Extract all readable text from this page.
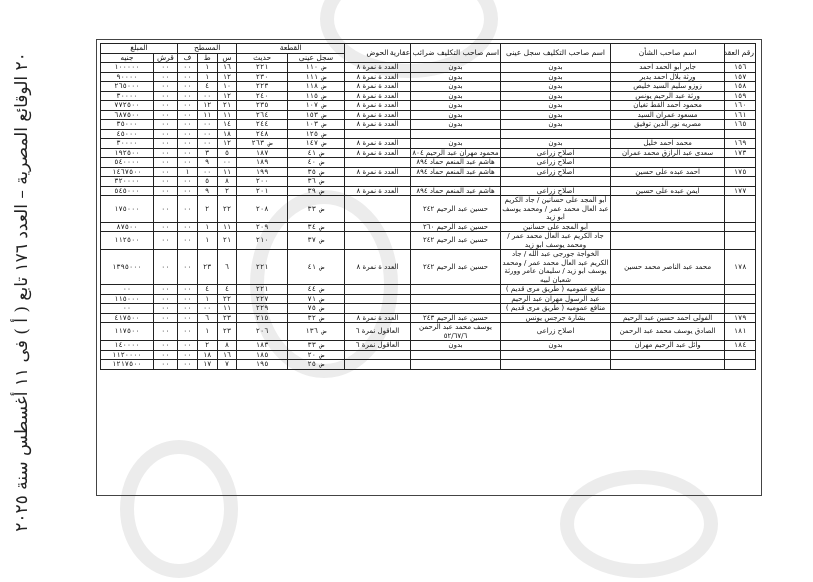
٢٠ الوقائع المصرية – العدد ١٧٦ تابع ( أ ) فى ١١ أغسطس سنة ٢٠٢٥	رقم العقد	اسم صاحب الشأن	اسم صاحب التكليف سجل عينى	اسم صاحب التكليف ضرائب عقارية	الحوض	القطعة		المسطح			المبلغ	
					سجل عينى	حديث	س	ط	ف	قرش	جنيه
١٥٦	جابر أبو الحمد احمد	بدون	بدون	العدد ة نمرة ٨	ض ١١٠	٢٢١	١٦	١	٠٠	٠٠	١٠٠٠٠٠
١٥٧	ورثة بلال احمد يدير	بدون	بدون	العدد ة نمرة ٨	ض ١١١	٢٣٠	١٢	١	٠٠	٠٠	٩٠٠٠٠
١٥٨	زوزو سليم السيد خليص	بدون	بدون	العدد ة نمرة ٨	ض ١١٨	٢٢٣	١٠	٤	٠٠	٠٠	٢٦٥٠٠٠
١٥٩	ورثة عبد الرحيم يونس	بدون	بدون	العدد ة نمرة ٨	ض ١١٥	٢٤٠	١٢	٠٠	٠٠	٠٠	٣٠٠٠٠
١٦٠	محمود احمد القط تغيان	بدون	بدون	العدد ة نمرة ٨	ض ١٠٧	٢٣٥	٢١	١٢	٠٠	٠٠	٧٧٢٥٠٠
١٦١	مسعود عمران السيد	بدون	بدون	العدد ة نمرة ٨	ض ١٥٣	٢٦٤	١١	١١	٠٠	٠٠	٦٨٧٥٠٠
١٦٥	مصريه نور الدين توفيق	بدون	بدون	العدد ة نمرة ٨	ض ١٠٣	٢٤٤	١٤	٠٠	٠٠	٠٠	٣٥٠٠٠
					ض ١٢٥	٢٤٨	١٨	٠٠	٠٠	٠٠	٤٥٠٠٠
١٦٩	محمد احمد خليل	بدون	بدون	العدد ة نمرة ٨	ض ١٤٧	ض ٢٦٣	١٢	٠٠	٠٠	٠٠	٣٠٠٠٠
١٧٣	سعدى عبد الرازق محمد عمران	اصلاح زراعى	محمود مهران عبد الرحيم ٨٠٤	العدد ة نمرة ٨	ض ٤١	١٨٧	٥	٣	٠٠	٠٠	١٩٢٥٠٠
		اصلاح زراعى	هاشم عبد المنعم حماد ٨٩٤		ض ٤٠	١٨٩	٠٠	٩	٠٠	٠٠	٥٤٠٠٠٠
١٧٥	احمد عبده على حسين	اصلاح زراعى	هاشم عبد المنعم حماد ٨٩٤	العدد ة نمرة ٨	ض ٣٥	١٩٩	١١	٠٠	١	٠٠	١٤٦٧٥٠٠
					ض ٣٦	٢٠٠	٨	٥	٠٠	٠٠	٣٢٠٠٠٠
١٧٧	ايمن عبده على حسين	اصلاح زراعى	هاشم عبد المنعم حماد ٨٩٤	العدد ة نمرة ٨	ض ٣٩	٢٠١	٢	٩	٠٠	٠٠	٥٤٥٠٠٠
		أبو المجد على حسانين / جاد الكريم عبد العال محمد عمر / ومحمد يوسف ابو زيد	حسين عبد الرحيم ٢٤٢		ض ٣٣	٢٠٨	٢٢	٢	٠٠	٠٠	١٧٥٠٠٠
		أبو المجد على حسانين	حسين عبد الرحيم ٢٦٠		ض ٣٤	٢٠٩	١١	١	٠٠	٠٠	٨٧٥٠٠
		جاد الكريم عبد العال محمد عمر / ومحمد يوسف ابو زيد	حسين عبد الرحيم ٢٤٢		ض ٣٧	٢١٠	٢١	١	٠٠	٠٠	١١٢٥٠٠
١٧٨	محمد عبد الناصر محمد حسين	الخواجة جورجى عبد الله / جاد الكريم عبد العال محمد عمر / ومحمد يوسف ابو زيد / سليمان عامر وورثة شعبان لبيه	حسين عبد الرحيم ٢٤٢	العدد ة نمرة ٨	ض ٤١	٢٢١	٦	٢٣	٠٠	٠٠	١٣٩٥٠٠٠
		منافع عموميه ( طريق مرى قديم )			ض ٤٤	٢٢١	٤	٤	٠٠	٠٠	٠٠
		عبد الرسول مهران عبد الرحيم			ض ٧١	٢٢٧	٢٢	١	٠٠	٠٠	١١٥٠٠٠
		منافع عموميه ( طريق مرى قديم )			ض ٧٥	٢٢٩	١١	٠٠	٠٠	٠٠	٠٠
١٧٩	الفولى احمد حسين عبد الرحيم	بشارة جرجس يونس	حسين عبد الرحيم ٢٤٣	العدد ة نمرة ٨	ض ٣٢	٢١٥	٢٣	٦	٠٠	٠٠	٤١٧٥٠٠
١٨١	الصادق يوسف محمد عبد الرحمن	اصلاح زراعى	يوسف محمد عبد الرحمن ٥٢/٦٧/٦	العاقول نمرة ٦	ض ١٣٦	٢٠٦	٢٣	١	٠٠	٠٠	١١٧٥٠٠
١٨٤	وائل عبد الرحيم مهران	بدون	بدون	العاقول نمرة ٦	ض ٣٣	١٨٣	٨	٢	٠٠	٠٠	١٤٠٠٠٠
					ض ٢٠	١٨٥	١٦	١٨	٠٠	٠٠	١١٢٠٠٠٠
					ض ٢٥	١٩٥	٧	١٧	٠٠	٠٠	١٢١٧٥٠٠
